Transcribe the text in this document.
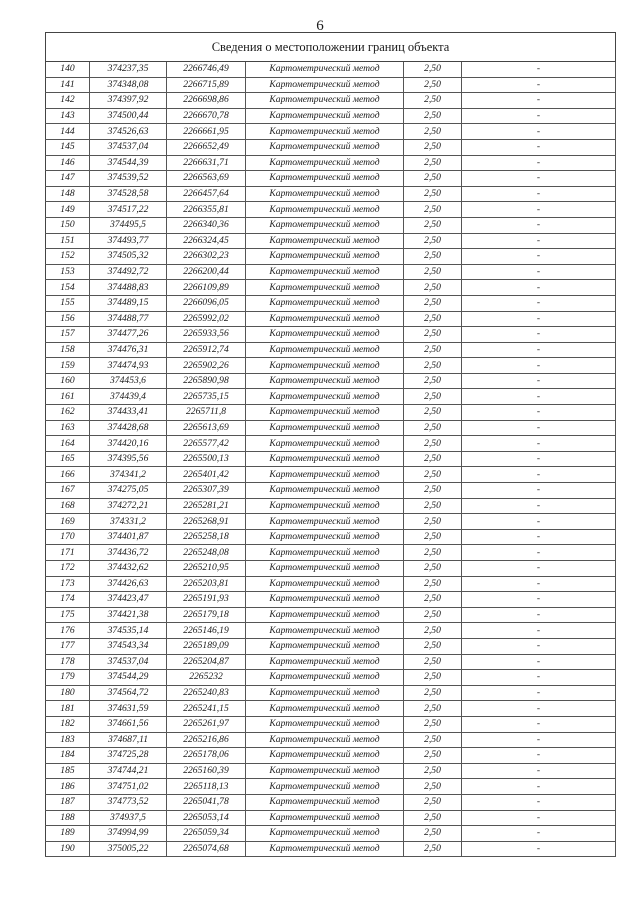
6
Сведения о местоположении границ объекта					
140	374237,35	2266746,49	Картометрический метод	2,50	-
141	374348,08	2266715,89	Картометрический метод	2,50	-
142	374397,92	2266698,86	Картометрический метод	2,50	-
143	374500,44	2266670,78	Картометрический метод	2,50	-
144	374526,63	2266661,95	Картометрический метод	2,50	-
145	374537,04	2266652,49	Картометрический метод	2,50	-
146	374544,39	2266631,71	Картометрический метод	2,50	-
147	374539,52	2266563,69	Картометрический метод	2,50	-
148	374528,58	2266457,64	Картометрический метод	2,50	-
149	374517,22	2266355,81	Картометрический метод	2,50	-
150	374495,5	2266340,36	Картометрический метод	2,50	-
151	374493,77	2266324,45	Картометрический метод	2,50	-
152	374505,32	2266302,23	Картометрический метод	2,50	-
153	374492,72	2266200,44	Картометрический метод	2,50	-
154	374488,83	2266109,89	Картометрический метод	2,50	-
155	374489,15	2266096,05	Картометрический метод	2,50	-
156	374488,77	2265992,02	Картометрический метод	2,50	-
157	374477,26	2265933,56	Картометрический метод	2,50	-
158	374476,31	2265912,74	Картометрический метод	2,50	-
159	374474,93	2265902,26	Картометрический метод	2,50	-
160	374453,6	2265890,98	Картометрический метод	2,50	-
161	374439,4	2265735,15	Картометрический метод	2,50	-
162	374433,41	2265711,8	Картометрический метод	2,50	-
163	374428,68	2265613,69	Картометрический метод	2,50	-
164	374420,16	2265577,42	Картометрический метод	2,50	-
165	374395,56	2265500,13	Картометрический метод	2,50	-
166	374341,2	2265401,42	Картометрический метод	2,50	-
167	374275,05	2265307,39	Картометрический метод	2,50	-
168	374272,21	2265281,21	Картометрический метод	2,50	-
169	374331,2	2265268,91	Картометрический метод	2,50	-
170	374401,87	2265258,18	Картометрический метод	2,50	-
171	374436,72	2265248,08	Картометрический метод	2,50	-
172	374432,62	2265210,95	Картометрический метод	2,50	-
173	374426,63	2265203,81	Картометрический метод	2,50	-
174	374423,47	2265191,93	Картометрический метод	2,50	-
175	374421,38	2265179,18	Картометрический метод	2,50	-
176	374535,14	2265146,19	Картометрический метод	2,50	-
177	374543,34	2265189,09	Картометрический метод	2,50	-
178	374537,04	2265204,87	Картометрический метод	2,50	-
179	374544,29	2265232	Картометрический метод	2,50	-
180	374564,72	2265240,83	Картометрический метод	2,50	-
181	374631,59	2265241,15	Картометрический метод	2,50	-
182	374661,56	2265261,97	Картометрический метод	2,50	-
183	374687,11	2265216,86	Картометрический метод	2,50	-
184	374725,28	2265178,06	Картометрический метод	2,50	-
185	374744,21	2265160,39	Картометрический метод	2,50	-
186	374751,02	2265118,13	Картометрический метод	2,50	-
187	374773,52	2265041,78	Картометрический метод	2,50	-
188	374937,5	2265053,14	Картометрический метод	2,50	-
189	374994,99	2265059,34	Картометрический метод	2,50	-
190	375005,22	2265074,68	Картометрический метод	2,50	-
